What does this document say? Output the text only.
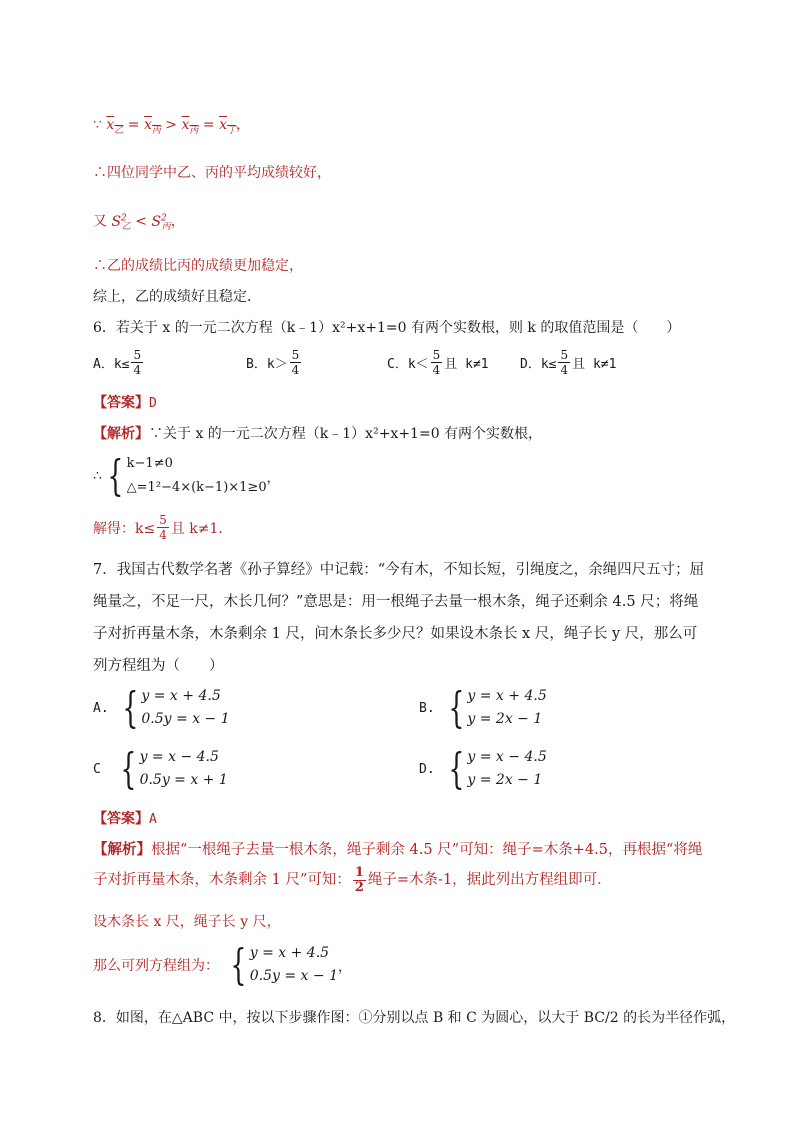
∵ $x_乙 = x_丙 > x_丙 = x_丁$，
∴四位同学中乙、丙的平均成绩较好，
又 $S^2_乙 < S^2_丙$，
∴乙的成绩比丙的成绩更加稳定，
综上，乙的成绩好且稳定．
6．若关于 x 的一元二次方程（k﹣1）x²+x+1=0 有两个实数根，则 k 的取值范围是（　　）
A．$k\le \frac{5}{4}$	B．$k> \frac{5}{4}$	C．$k< \frac{5}{4}$ 且 k≠1 D．$k\le \frac{5}{4}$ 且 k≠1
【答案】D
【解析】∵关于 x 的一元二次方程（k﹣1）x²+x+1=0 有两个实数根，
∴ { k−1≠0
△=1²−4×(k−1)×1≥0
，
解得：$k\le \frac{5}{4}$ 且 k≠1．
7．我国古代数学名著《孙子算经》中记载：“今有木，不知长短，引绳度之，余绳四尺五寸；屈绳量之，不足一尺，木长几何？”意思是：用一根绳子去量一根木条，绳子还剩余 4.5 尺；将绳子对折再量木条，木条剩余 1 尺，问木条长多少尺？如果设木条长 x 尺，绳子长 y 尺，那么可列方程组为（　　）
A. { y = x + 4.5
0.5y = x − 1
B. { y = x + 4.5
y = 2x − 1
C { y = x − 4.5
0.5y = x + 1
D. { y = x − 4.5
y = 2x − 1
【答案】A
【解析】根据“一根绳子去量一根木条，绳子剩余 4.5 尺”可知：绳子=木条+4.5，再根据“将绳子对折再量木条，木条剩余 1 尺”可知： $\frac{1}{2}$ 绳子=木条-1，据此列出方程组即可．
设木条长 x 尺，绳子长 y 尺，
那么可列方程组为： { y = x + 4.5
0.5y = x − 1
，
8．如图，在△ABC 中，按以下步骤作图：①分别以点 B 和 C 为圆心，以大于 BC/2 的长为半径作弧，
